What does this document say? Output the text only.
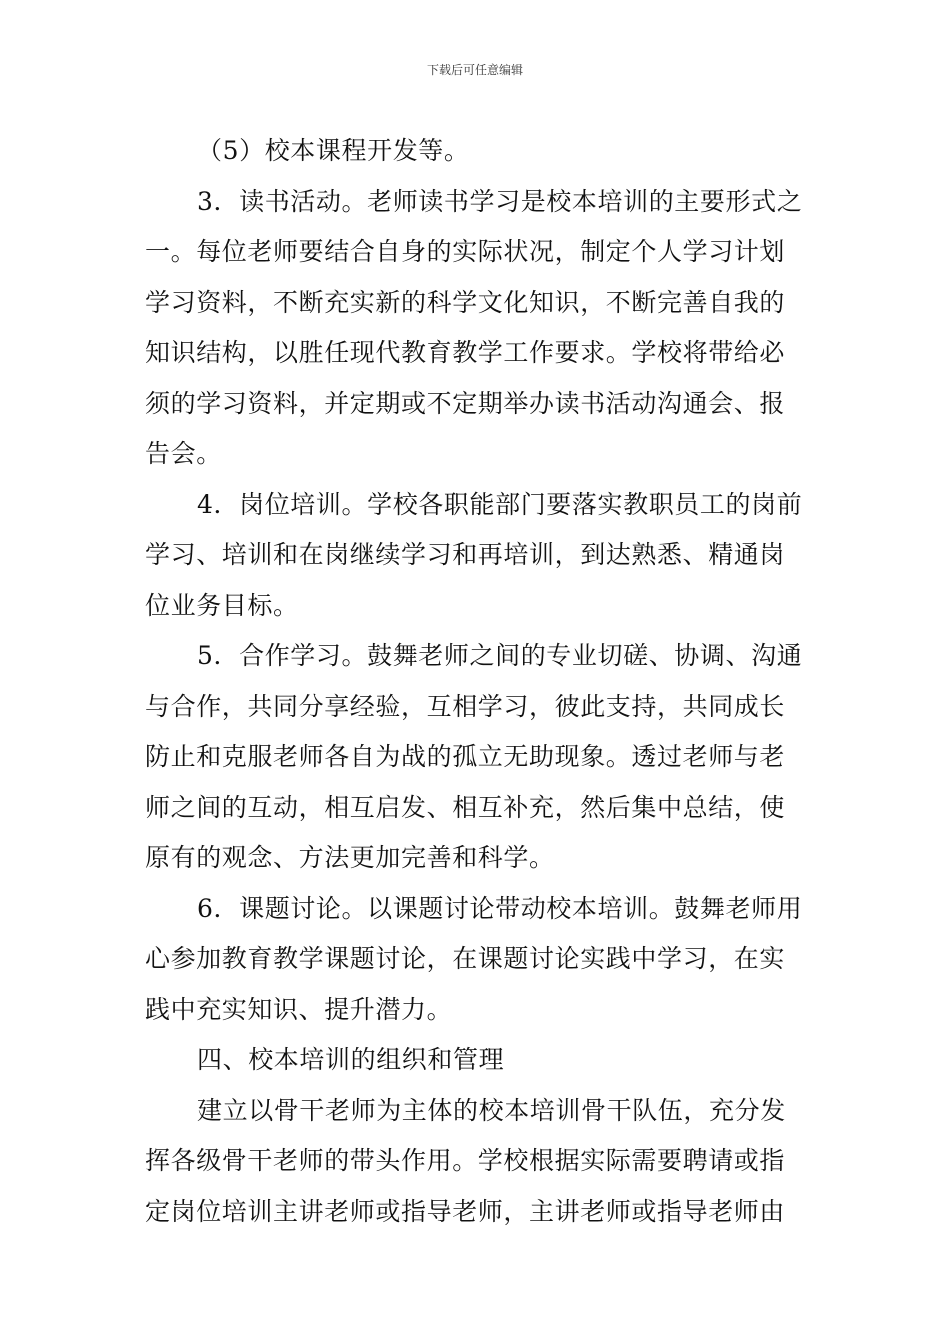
下载后可任意编辑
（5）校本课程开发等。
3．读书活动。老师读书学习是校本培训的主要形式之
一。每位老师要结合自身的实际状况，制定个人学习计划
学习资料，不断充实新的科学文化知识，不断完善自我的
知识结构，以胜任现代教育教学工作要求。学校将带给必
须的学习资料，并定期或不定期举办读书活动沟通会、报
告会。
4．岗位培训。学校各职能部门要落实教职员工的岗前
学习、培训和在岗继续学习和再培训，到达熟悉、精通岗
位业务目标。
5．合作学习。鼓舞老师之间的专业切磋、协调、沟通
与合作，共同分享经验，互相学习，彼此支持，共同成长
防止和克服老师各自为战的孤立无助现象。透过老师与老
师之间的互动，相互启发、相互补充，然后集中总结，使
原有的观念、方法更加完善和科学。
6．课题讨论。以课题讨论带动校本培训。鼓舞老师用
心参加教育教学课题讨论，在课题讨论实践中学习，在实
践中充实知识、提升潜力。
四、校本培训的组织和管理
建立以骨干老师为主体的校本培训骨干队伍，充分发
挥各级骨干老师的带头作用。学校根据实际需要聘请或指
定岗位培训主讲老师或指导老师，主讲老师或指导老师由
